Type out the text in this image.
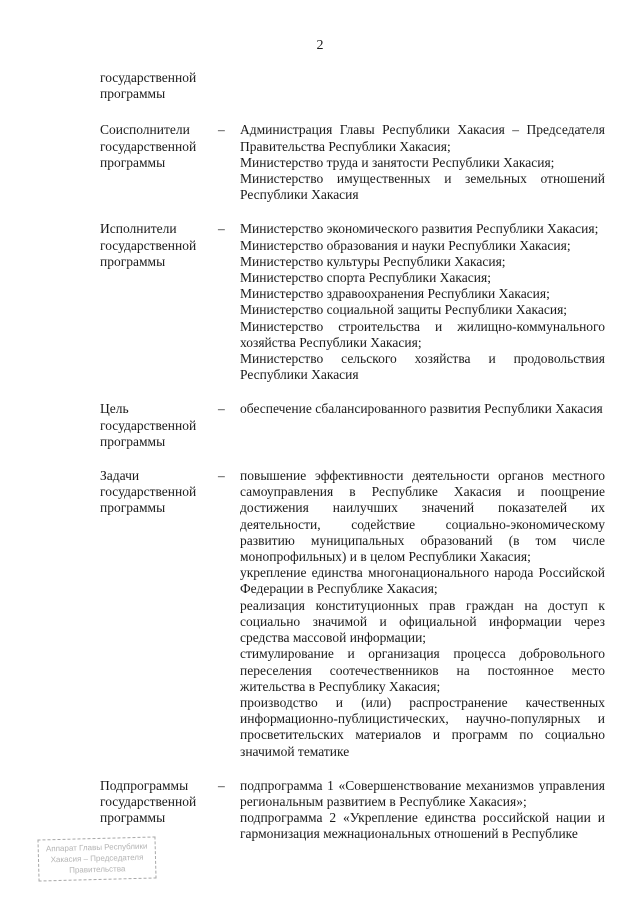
2
государственной программы
Соисполнители государственной программы
–	Администрация Главы Республики Хакасия – Председателя Правительства Республики Хакасия;
Министерство труда и занятости Республики Хакасия;
Министерство имущественных и земельных отношений Республики Хакасия
Исполнители государственной программы
–	Министерство экономического развития Республики Хакасия;
Министерство образования и науки Республики Хакасия;
Министерство культуры Республики Хакасия;
Министерство спорта Республики Хакасия;
Министерство здравоохранения Республики Хакасия;
Министерство социальной защиты Республики Хакасия;
Министерство строительства и жилищно-коммунального хозяйства Республики Хакасия;
Министерство сельского хозяйства и продовольствия Республики Хакасия
Цель государственной программы
–	обеспечение сбалансированного развития Республики Хакасия
Задачи государственной программы
–	повышение эффективности деятельности органов местного самоуправления в Республике Хакасия и поощрение достижения наилучших значений показателей их деятельности, содействие социально-экономическому развитию муниципальных образований (в том числе монопрофильных) и в целом Республики Хакасия;
укрепление единства многонационального народа Российской Федерации в Республике Хакасия;
реализация конституционных прав граждан на доступ к социально значимой и официальной информации через средства массовой информации;
стимулирование и организация процесса добровольного переселения соотечественников на постоянное место жительства в Республику Хакасия;
производство и (или) распространение качественных информационно-публицистических, научно-популярных и просветительских материалов и программ по социально значимой тематике
Подпрограммы государственной программы
–	подпрограмма 1 «Совершенствование механизмов управления региональным развитием в Республике Хакасия»;
подпрограмма 2 «Укрепление единства российской нации и гармонизация межнациональных отношений в Республике
Аппарат Главы Республики
Хакасия – Председателя
Правительства
